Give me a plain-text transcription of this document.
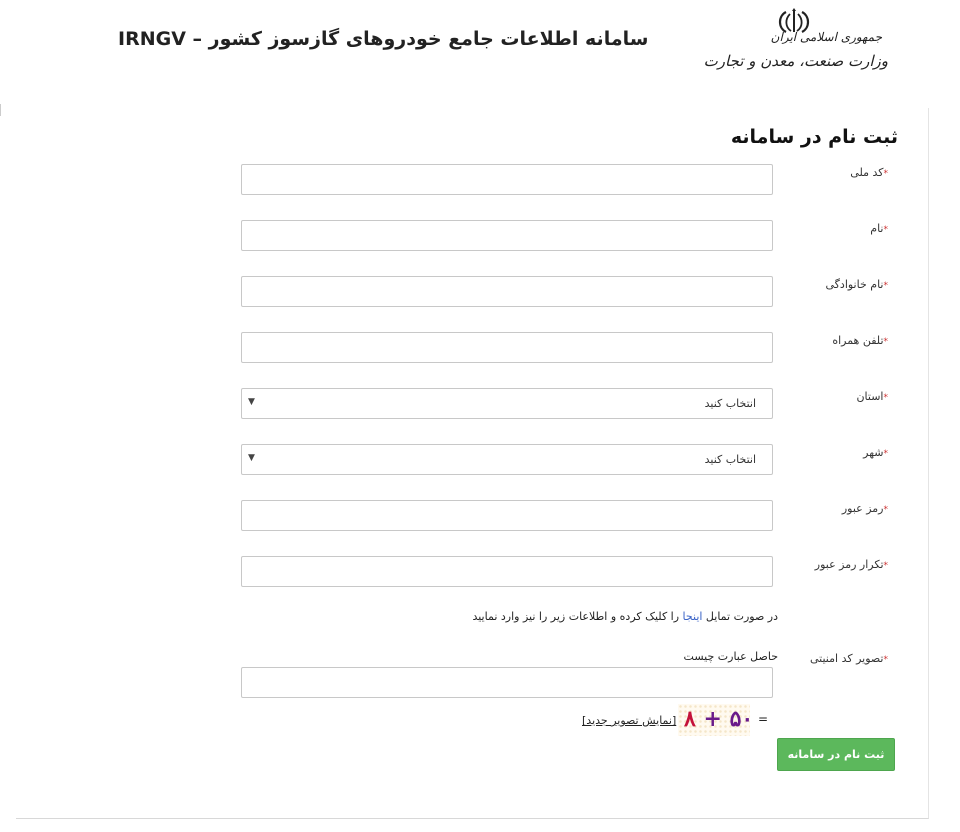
سامانه اطلاعات جامع خودروهای گازسوز کشور – IRNGV	جمهوری اسلامی ایران
وزارت صنعت، معدن و تجارت
ثبت نام در سامانه
*کد ملی
*نام
*نام خانوادگی
*تلفن همراه
*استان
انتخاب کنید
▼
*شهر
انتخاب کنید
▼
*رمز عبور
*تکرار رمز عبور
در صورت تمایل اینجا را کلیک کرده و اطلاعات زیر را نیز وارد نمایید
*تصویر کد امنیتی
حاصل عبارت چیست
=
۸ + ۵۰
[نمایش تصویر جدید]
ثبت نام در سامانه
